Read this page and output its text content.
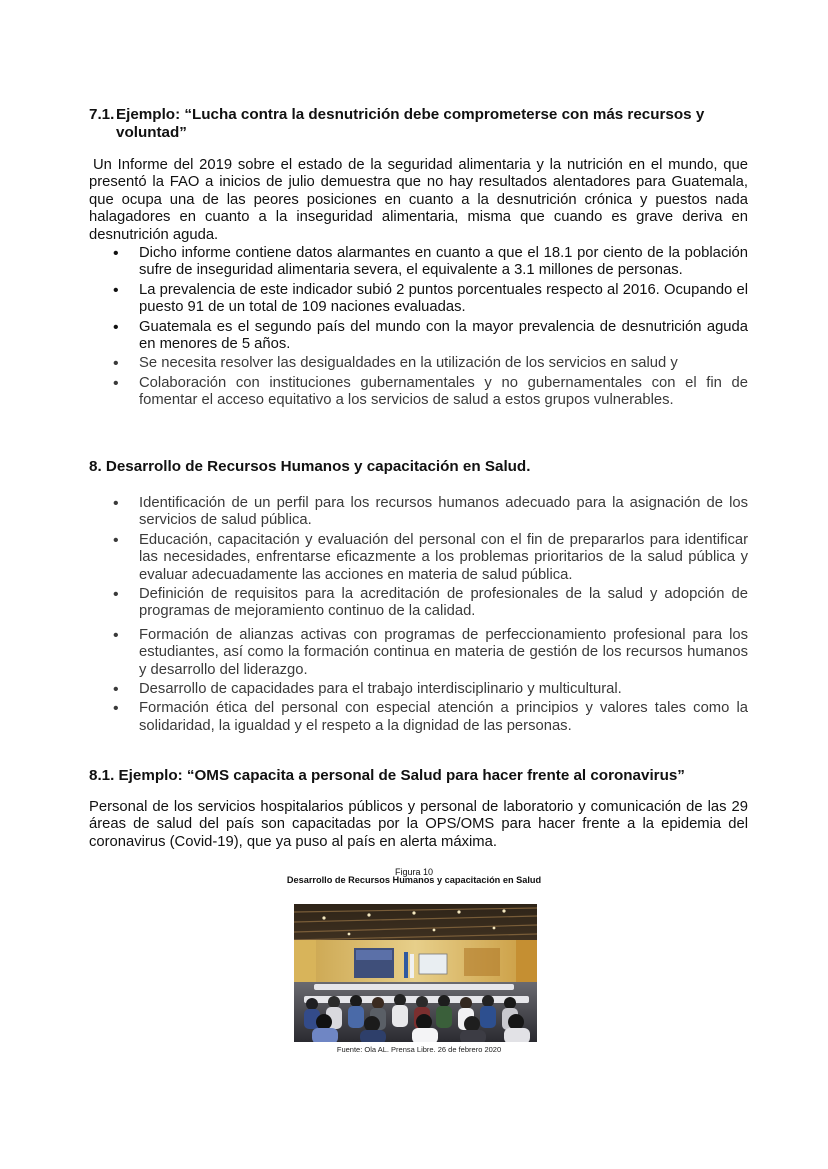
7.1. Ejemplo: “Lucha contra la desnutrición debe comprometerse con más recursos y
voluntad”
Un Informe del 2019 sobre el estado de la seguridad alimentaria y la nutrición en el mundo, que presentó la FAO a inicios de julio demuestra que no hay resultados alentadores para Guatemala, que ocupa una de las peores posiciones en cuanto a la desnutrición crónica y puestos nada halagadores en cuanto a la inseguridad alimentaria, misma que cuando es grave deriva en desnutrición aguda.
• Dicho informe contiene datos alarmantes en cuanto a que el 18.1 por ciento de la población sufre de inseguridad alimentaria severa, el equivalente a 3.1 millones de personas.
• La prevalencia de este indicador subió 2 puntos porcentuales respecto al 2016. Ocupando el puesto 91 de un total de 109 naciones evaluadas.
• Guatemala es el segundo país del mundo con la mayor prevalencia de desnutrición aguda en menores de 5 años.
• Se necesita resolver las desigualdades en la utilización de los servicios en salud y
• Colaboración con instituciones gubernamentales y no gubernamentales con el fin de fomentar el acceso equitativo a los servicios de salud a estos grupos vulnerables.
8. Desarrollo de Recursos Humanos y capacitación en Salud.
• Identificación de un perfil para los recursos humanos adecuado para la asignación de los servicios de salud pública.
• Educación, capacitación y evaluación del personal con el fin de prepararlos para identificar las necesidades, enfrentarse eficazmente a los problemas prioritarios de la salud pública y evaluar adecuadamente las acciones en materia de salud pública.
• Definición de requisitos para la acreditación de profesionales de la salud y adopción de programas de mejoramiento continuo de la calidad.
• Formación de alianzas activas con programas de perfeccionamiento profesional para los estudiantes, así como la formación continua en materia de gestión de los recursos humanos y desarrollo del liderazgo.
• Desarrollo de capacidades para el trabajo interdisciplinario y multicultural.
• Formación ética del personal con especial atención a principios y valores tales como la solidaridad, la igualdad y el respeto a la dignidad de las personas.
8.1. Ejemplo: “OMS capacita a personal de Salud para hacer frente al coronavirus”
Personal de los servicios hospitalarios públicos y personal de laboratorio y comunicación de las 29 áreas de salud del país son capacitadas por la OPS/OMS para hacer frente a la epidemia del coronavirus (Covid-19), que ya puso al país en alerta máxima.
Figura 10
Desarrollo de Recursos Humanos y capacitación en Salud
Fuente: Ola AL. Prensa Libre. 26 de febrero 2020
